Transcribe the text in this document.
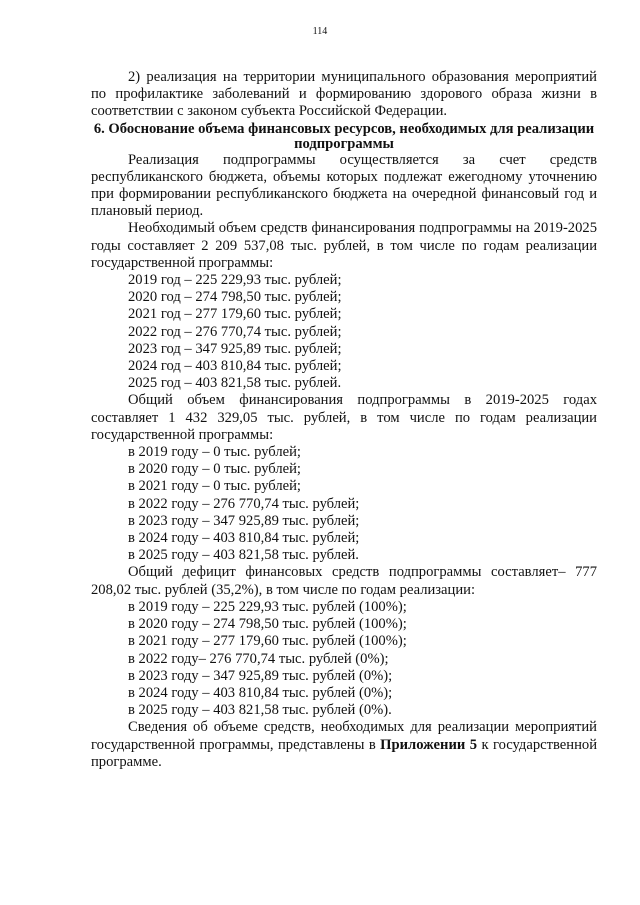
114

2) реализация на территории муниципального образования мероприятий по профилактике заболеваний и формированию здорового образа жизни в соответствии с законом субъекта Российской Федерации.

6. Обоснование объема финансовых ресурсов, необходимых для реализации подпрограммы

Реализация подпрограммы осуществляется за счет средств республиканского бюджета, объемы которых подлежат ежегодному уточнению при формировании республиканского бюджета на очередной финансовый год и плановый период.

Необходимый объем средств финансирования подпрограммы на 2019-2025 годы составляет 2 209 537,08 тыс. рублей, в том числе по годам реализации государственной программы:

2019 год – 225 229,93 тыс. рублей;
2020 год – 274 798,50 тыс. рублей;
2021 год – 277 179,60 тыс. рублей;
2022 год – 276 770,74 тыс. рублей;
2023 год – 347 925,89 тыс. рублей;
2024 год – 403 810,84 тыс. рублей;
2025 год – 403 821,58 тыс. рублей.

Общий объем финансирования подпрограммы в 2019-2025 годах составляет 1 432 329,05 тыс. рублей, в том числе по годам реализации государственной программы:

в 2019 году – 0 тыс. рублей;
в 2020 году – 0 тыс. рублей;
в 2021 году – 0 тыс. рублей;
в 2022 году – 276 770,74 тыс. рублей;
в 2023 году – 347 925,89 тыс. рублей;
в 2024 году – 403 810,84 тыс. рублей;
в 2025 году – 403 821,58 тыс. рублей.

Общий дефицит финансовых средств подпрограммы составляет– 777 208,02 тыс. рублей (35,2%), в том числе по годам реализации:

в 2019 году – 225 229,93 тыс. рублей (100%);
в 2020 году – 274 798,50 тыс. рублей (100%);
в 2021 году – 277 179,60 тыс. рублей (100%);
в 2022 году– 276 770,74 тыс. рублей (0%);
в 2023 году – 347 925,89 тыс. рублей (0%);
в 2024 году – 403 810,84 тыс. рублей (0%);
в 2025 году – 403 821,58 тыс. рублей (0%).

Сведения об объеме средств, необходимых для реализации мероприятий государственной программы, представлены в Приложении 5 к государственной программе.
